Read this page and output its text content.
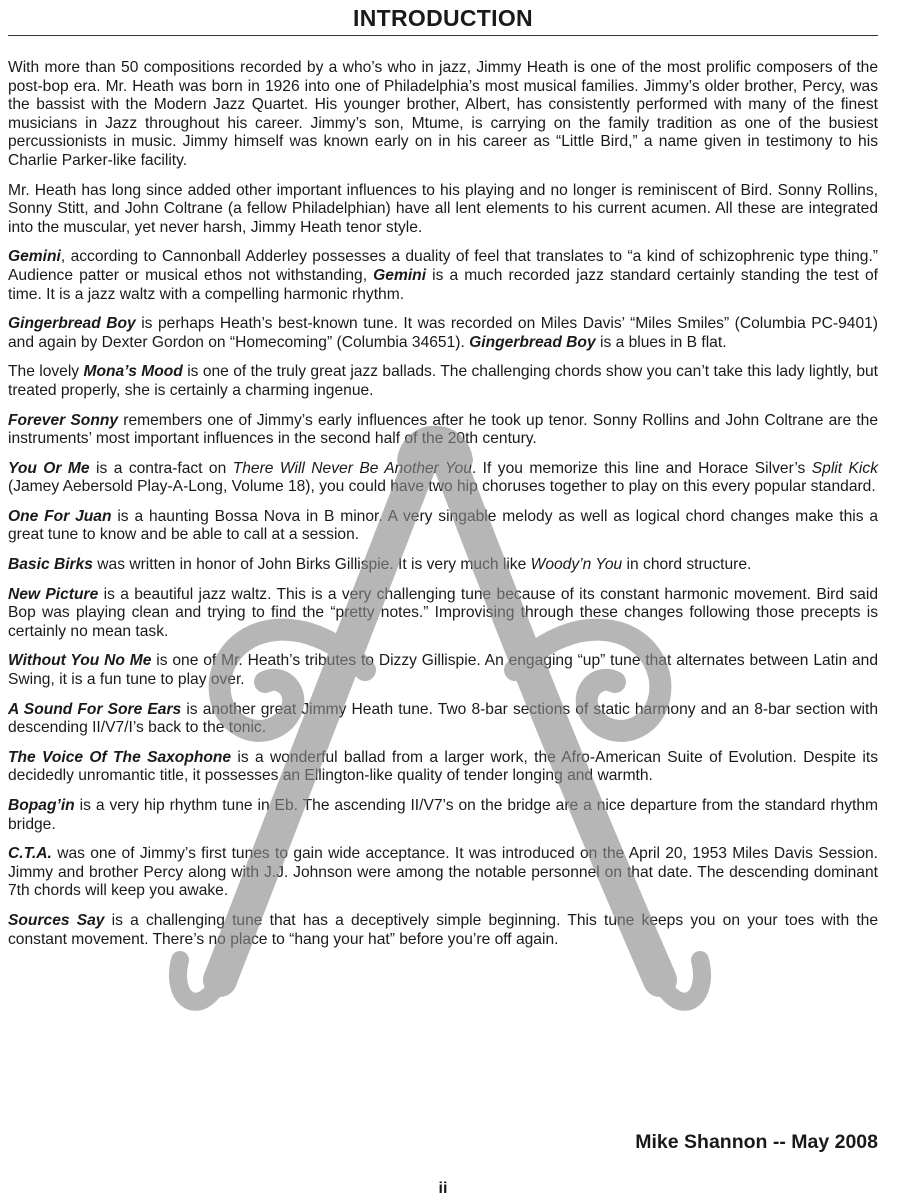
INTRODUCTION

With more than 50 compositions recorded by a who’s who in jazz, Jimmy Heath is one of the most prolific composers of the post-bop era. Mr. Heath was born in 1926 into one of Philadelphia’s most musical families. Jimmy’s older brother, Percy, was the bassist with the Modern Jazz Quartet. His younger brother, Albert, has consistently performed with many of the finest musicians in Jazz throughout his career. Jimmy’s son, Mtume, is carrying on the family tradition as one of the busiest percussionists in music. Jimmy himself was known early on in his career as “Little Bird,” a name given in testimony to his Charlie Parker-like facility.

Mr. Heath has long since added other important influences to his playing and no longer is reminiscent of Bird. Sonny Rollins, Sonny Stitt, and John Coltrane (a fellow Philadelphian) have all lent elements to his current acumen. All these are integrated into the muscular, yet never harsh, Jimmy Heath tenor style.

Gemini, according to Cannonball Adderley possesses a duality of feel that translates to “a kind of schizophrenic type thing.” Audience patter or musical ethos not withstanding, Gemini is a much recorded jazz standard certainly standing the test of time. It is a jazz waltz with a compelling harmonic rhythm.

Gingerbread Boy is perhaps Heath’s best-known tune. It was recorded on Miles Davis’ “Miles Smiles” (Columbia PC-9401) and again by Dexter Gordon on “Homecoming” (Columbia 34651). Gingerbread Boy is a blues in B flat.

The lovely Mona’s Mood is one of the truly great jazz ballads. The challenging chords show you can’t take this lady lightly, but treated properly, she is certainly a charming ingenue.

Forever Sonny remembers one of Jimmy’s early influences after he took up tenor. Sonny Rollins and John Coltrane are the instruments’ most important influences in the second half of the 20th century.

You Or Me is a contra-fact on There Will Never Be Another You. If you memorize this line and Horace Silver’s Split Kick (Jamey Aebersold Play-A-Long, Volume 18), you could have two hip choruses together to play on this every popular standard.

One For Juan is a haunting Bossa Nova in B minor. A very singable melody as well as logical chord changes make this a great tune to know and be able to call at a session.

Basic Birks was written in honor of John Birks Gillispie. It is very much like Woody’n You in chord structure.

New Picture is a beautiful jazz waltz. This is a very challenging tune because of its constant harmonic movement. Bird said Bop was playing clean and trying to find the “pretty notes.” Improvising through these changes following those precepts is certainly no mean task.

Without You No Me is one of Mr. Heath’s tributes to Dizzy Gillispie. An engaging “up” tune that alternates between Latin and Swing, it is a fun tune to play over.

A Sound For Sore Ears is another great Jimmy Heath tune. Two 8-bar sections of static harmony and an 8-bar section with descending II/V7/I’s back to the tonic.

The Voice Of The Saxophone is a wonderful ballad from a larger work, the Afro-American Suite of Evolution. Despite its decidedly unromantic title, it possesses an Ellington-like quality of tender longing and warmth.

Bopag’in is a very hip rhythm tune in Eb. The ascending II/V7’s on the bridge are a nice departure from the standard rhythm bridge.

C.T.A. was one of Jimmy’s first tunes to gain wide acceptance. It was introduced on the April 20, 1953 Miles Davis Session. Jimmy and brother Percy along with J.J. Johnson were among the notable personnel on that date. The descending dominant 7th chords will keep you awake.

Sources Say is a challenging tune that has a deceptively simple beginning. This tune keeps you on your toes with the constant movement. There’s no place to “hang your hat” before you’re off again.

Mike Shannon -- May 2008
ii
